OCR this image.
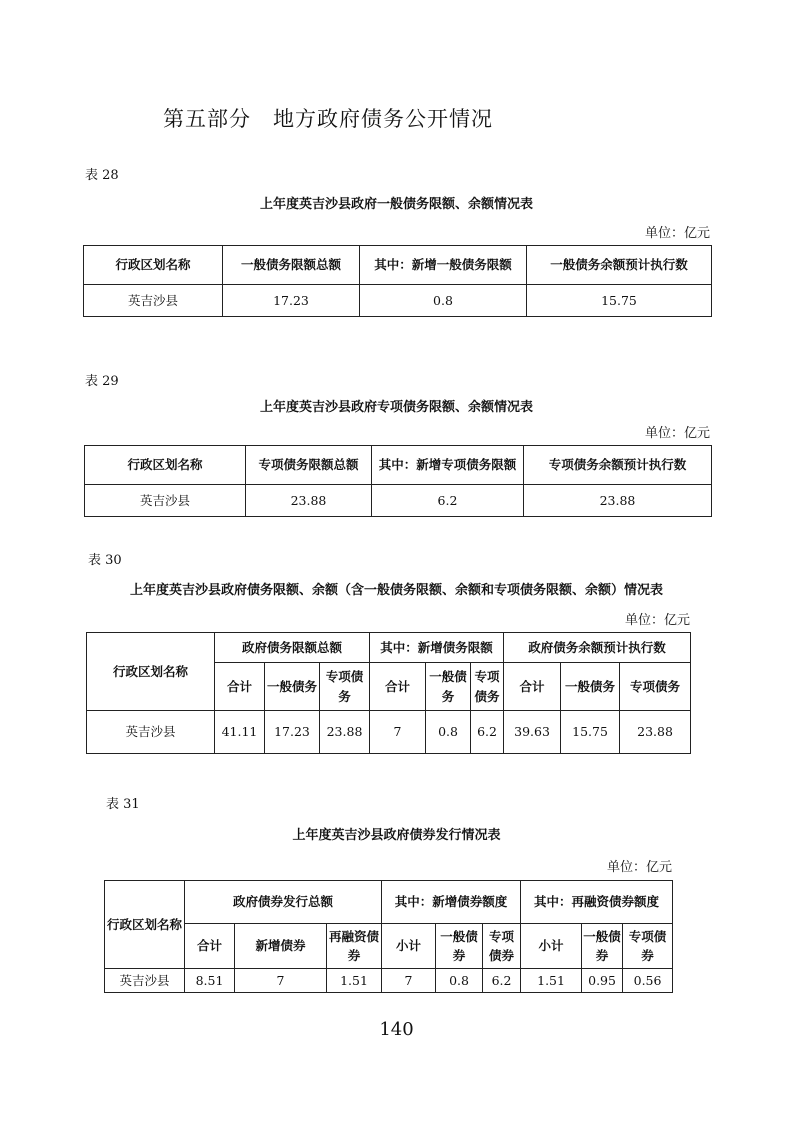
第五部分　地方政府债务公开情况
表 28
上年度英吉沙县政府一般债务限额、余额情况表
单位：亿元
行政区划名称	一般债务限额总额	其中：新增一般债务限额	一般债务余额预计执行数
英吉沙县	17.23	0.8	15.75
表 29
上年度英吉沙县政府专项债务限额、余额情况表
单位：亿元
行政区划名称	专项债务限额总额	其中：新增专项债务限额	专项债务余额预计执行数
英吉沙县	23.88	6.2	23.88
表 30
上年度英吉沙县政府债务限额、余额（含一般债务限额、余额和专项债务限额、余额）情况表
单位：亿元
行政区划名称	政府债务限额总额			其中：新增债务限额			政府债务余额预计执行数		
	合计	一般债务	专项债务	合计	一般债务	专项债务	合计	一般债务	专项债务
英吉沙县	41.11	17.23	23.88	7	0.8	6.2	39.63	15.75	23.88
表 31
上年度英吉沙县政府债券发行情况表
单位：亿元
行政区划名称	政府债券发行总额			其中：新增债券额度			其中：再融资债券额度		
	合计	新增债券	再融资债券	小计	一般债券	专项债券	小计	一般债券	专项债券
英吉沙县	8.51	7	1.51	7	0.8	6.2	1.51	0.95	0.56
140
